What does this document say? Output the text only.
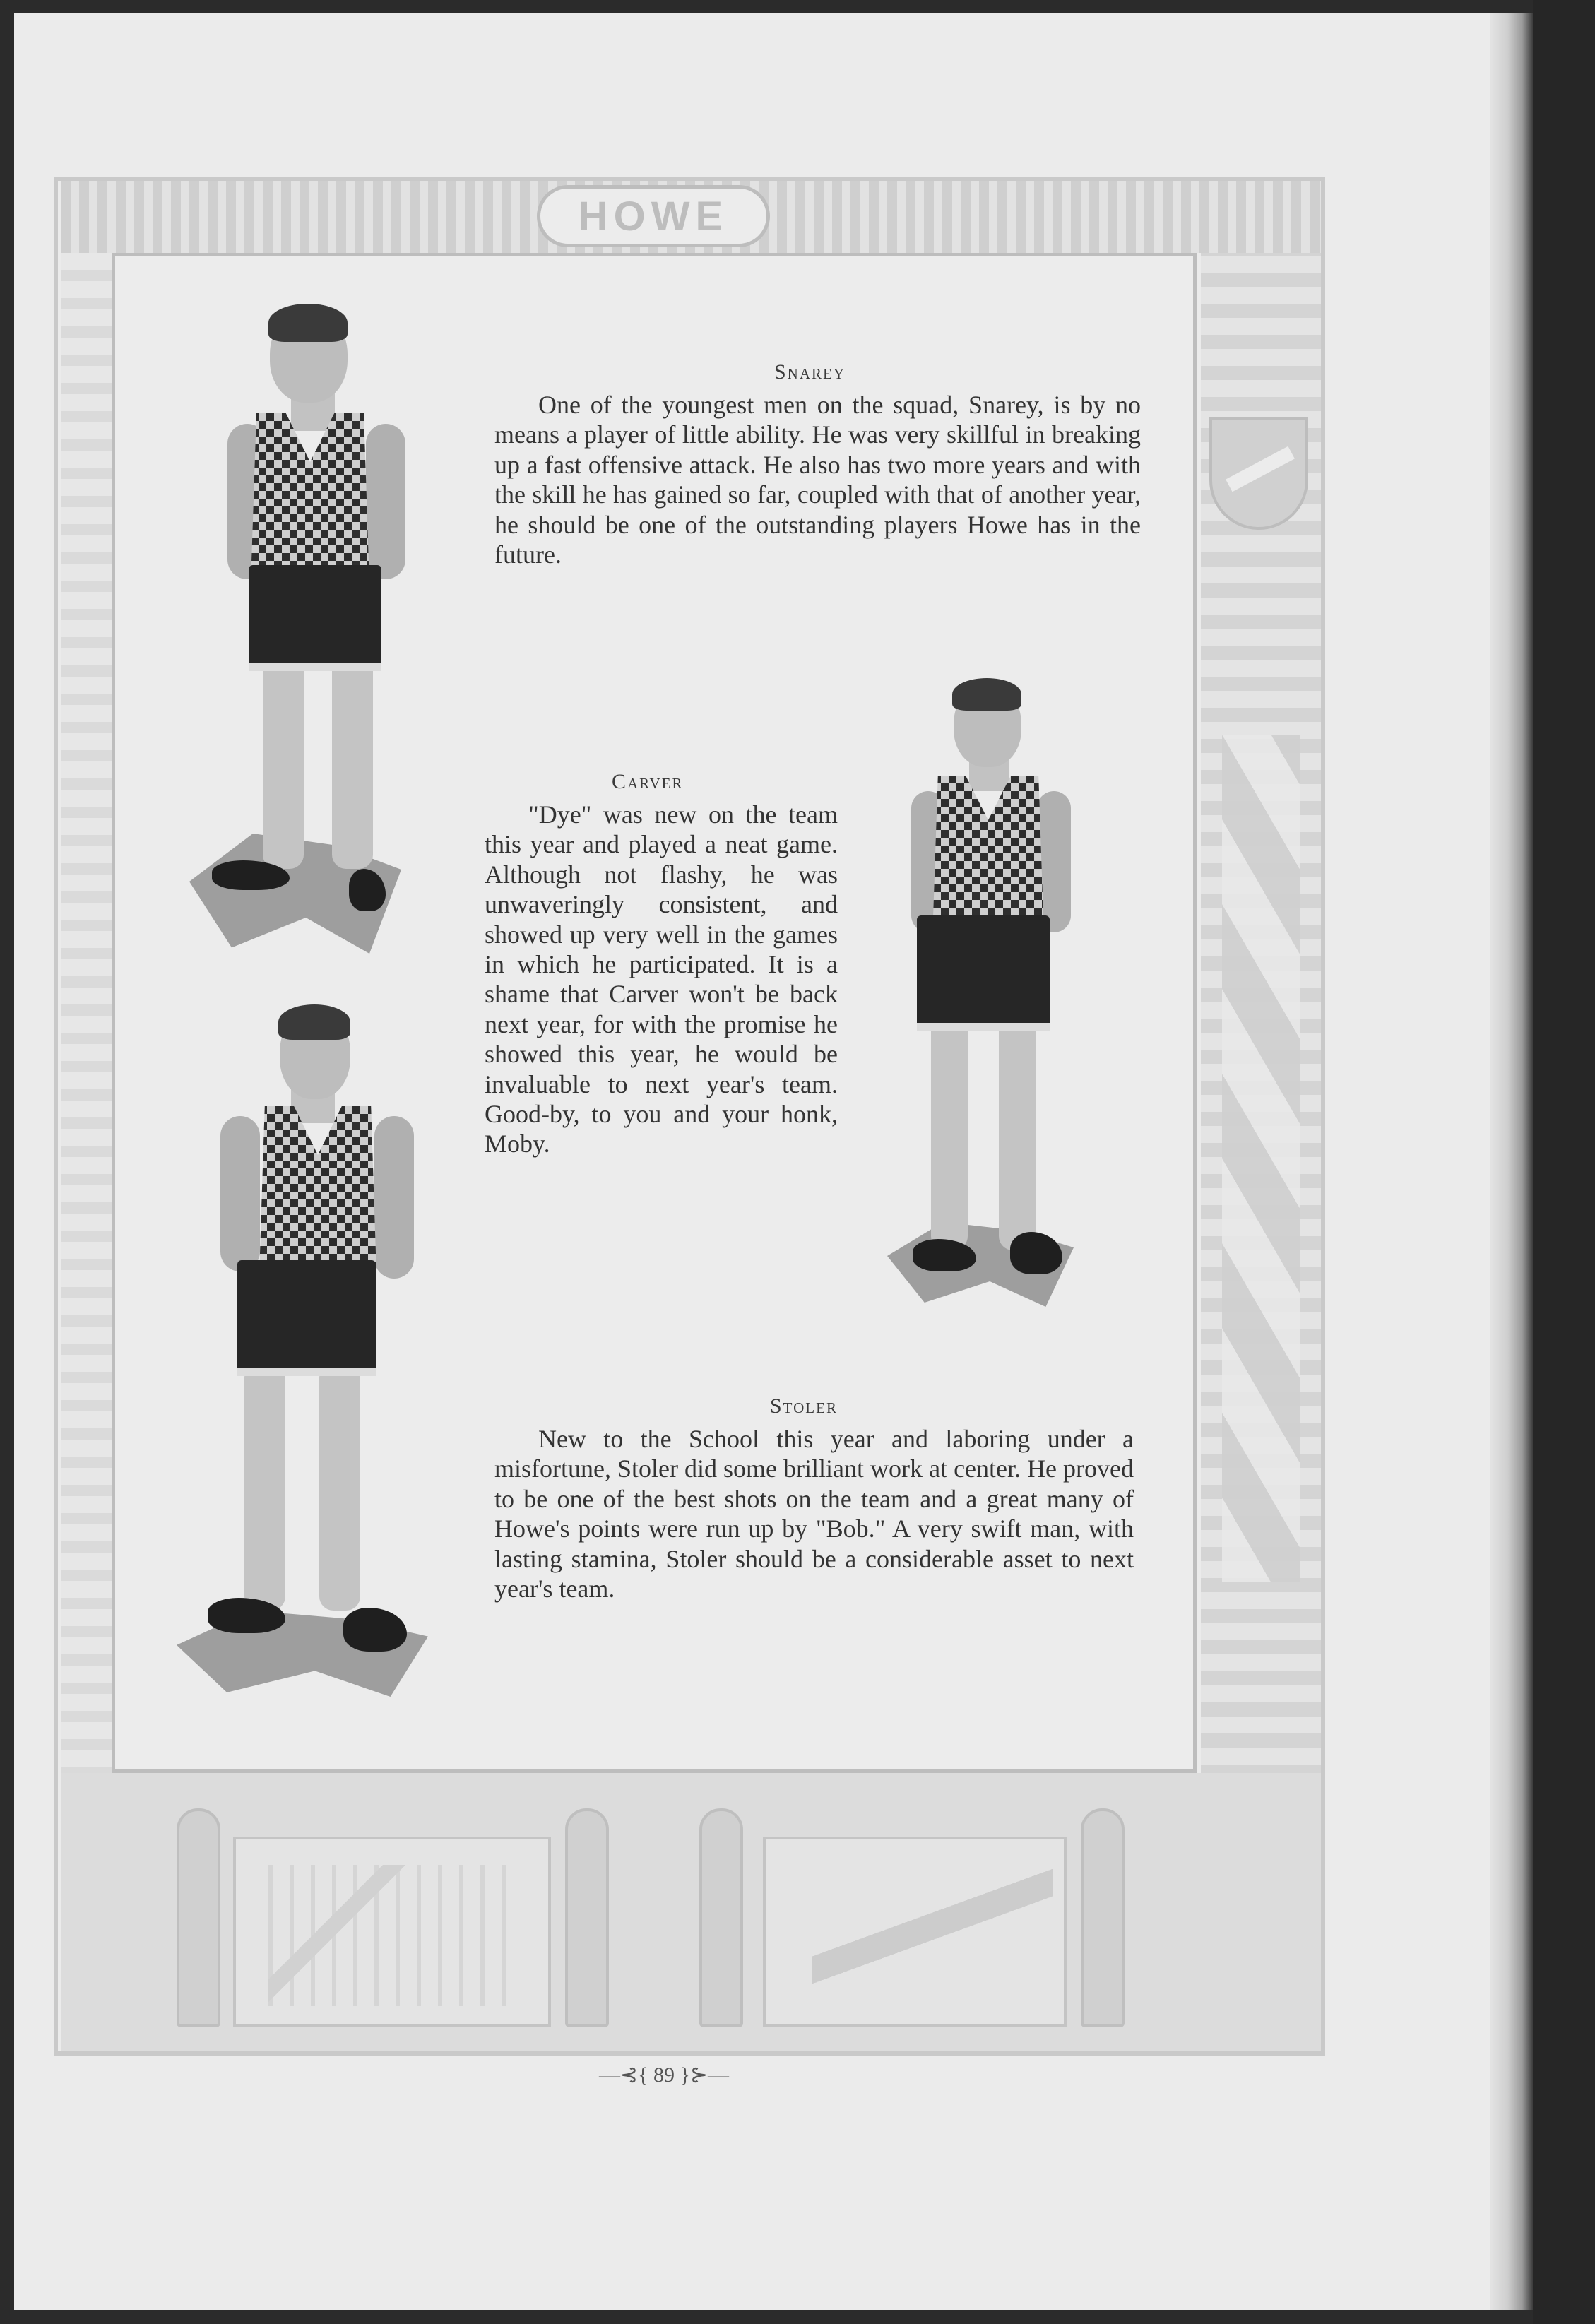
HOWE
Snarey
One of the youngest men on the squad, Snarey, is by no means a player of little ability. He was very skillful in breaking up a fast offensive attack. He also has two more years and with the skill he has gained so far, coupled with that of another year, he should be one of the outstanding players Howe has in the future.
Carver
"Dye" was new on the team this year and played a neat game. Although not flashy, he was unwaveringly consistent, and showed up very well in the games in which he participated. It is a shame that Carver won't be back next year, for with the promise he showed this year, he would be invaluable to next year's team. Good-by, to you and your honk, Moby.
Stoler
New to the School this year and laboring under a misfortune, Stoler did some brilliant work at center. He proved to be one of the best shots on the team and a great many of Howe's points were run up by "Bob." A very swift man, with lasting stamina, Stoler should be a considerable asset to next year's team.
—⊰{ 89 }⊱—
